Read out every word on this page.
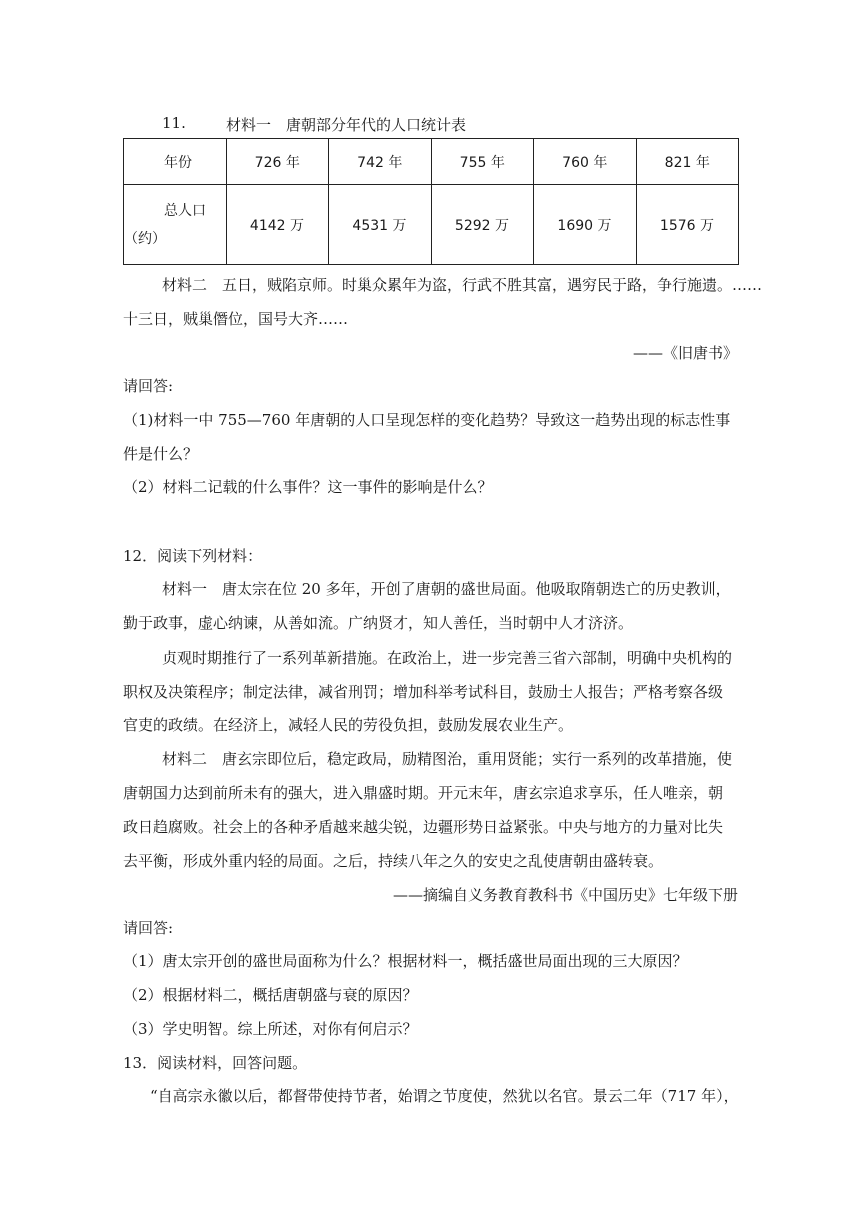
11.	材料一　唐朝部分年代的人口统计表
年份	726 年	742 年	755 年	760 年	821 年

总人口
（约）	4142 万	4531 万	5292 万	1690 万	1576 万
材料二　五日，贼陷京师。时巢众累年为盗，行武不胜其富，遇穷民于路，争行施遗。……
十三日，贼巢僭位，国号大齐……
——《旧唐书》
请回答:
（1)材料一中 755—760 年唐朝的人口呈现怎样的变化趋势？导致这一趋势出现的标志性事
件是什么？
（2）材料二记载的什么事件？这一事件的影响是什么？
12．阅读下列材料：
材料一　唐太宗在位 20 多年，开创了唐朝的盛世局面。他吸取隋朝迭亡的历史教训，
勤于政事，虚心纳谏，从善如流。广纳贤才，知人善任，当时朝中人才济济。
贞观时期推行了一系列革新措施。在政治上，进一步完善三省六部制，明确中央机构的
职权及决策程序；制定法律，减省刑罚；增加科举考试科目，鼓励士人报告；严格考察各级
官吏的政绩。在经济上，减轻人民的劳役负担，鼓励发展农业生产。
材料二　唐玄宗即位后，稳定政局，励精图治，重用贤能；实行一系列的改革措施，使
唐朝国力达到前所未有的强大，进入鼎盛时期。开元末年，唐玄宗追求享乐，任人唯亲，朝
政日趋腐败。社会上的各种矛盾越来越尖锐，边疆形势日益紧张。中央与地方的力量对比失
去平衡，形成外重内轻的局面。之后，持续八年之久的安史之乱使唐朝由盛转衰。
——摘编自义务教育教科书《中国历史》七年级下册
请回答:
（1）唐太宗开创的盛世局面称为什么？根据材料一，概括盛世局面出现的三大原因？
（2）根据材料二，概括唐朝盛与衰的原因？
（3）学史明智。综上所述，对你有何启示？
13．阅读材料，回答问题。
“自高宗永徽以后，都督带使持节者，始谓之节度使，然犹以名官。景云二年（717 年），
